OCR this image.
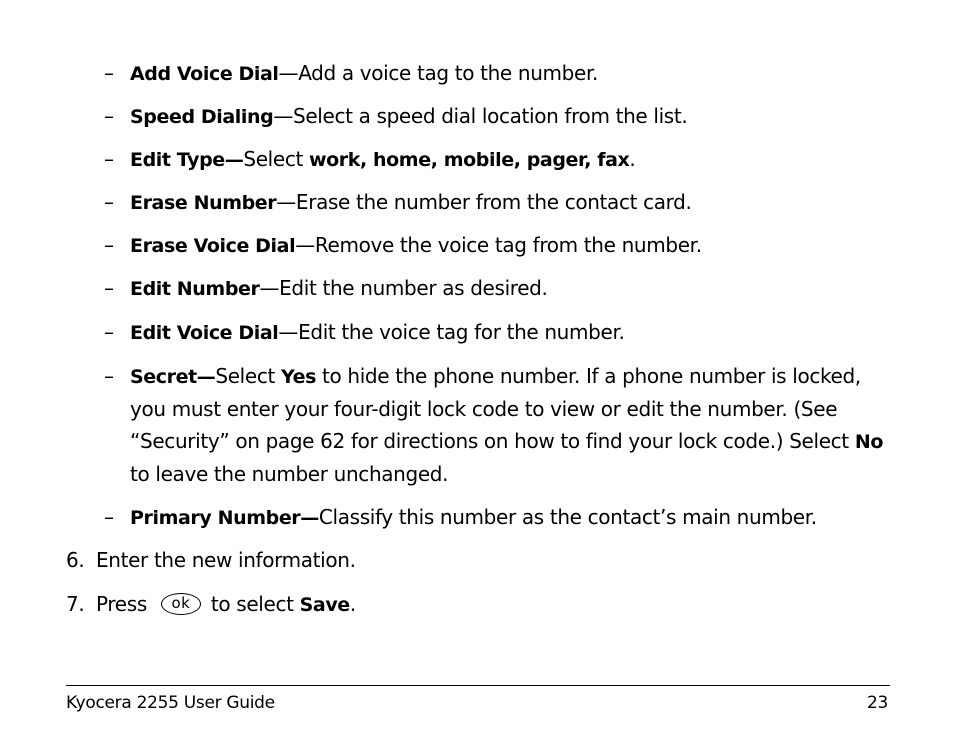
– Add Voice Dial—Add a voice tag to the number.
– Speed Dialing—Select a speed dial location from the list.
– Edit Type—Select work, home, mobile, pager, fax.
– Erase Number—Erase the number from the contact card.
– Erase Voice Dial—Remove the voice tag from the number.
– Edit Number—Edit the number as desired.
– Edit Voice Dial—Edit the voice tag for the number.
– Secret—Select Yes to hide the phone number. If a phone number is locked, you must enter your four-digit lock code to view or edit the number. (See “Security” on page 62 for directions on how to find your lock code.) Select No to leave the number unchanged.
– Primary Number—Classify this number as the contact’s main number.
6. Enter the new information.
7. Press ok to select Save.
Kyocera 2255 User Guide	23
